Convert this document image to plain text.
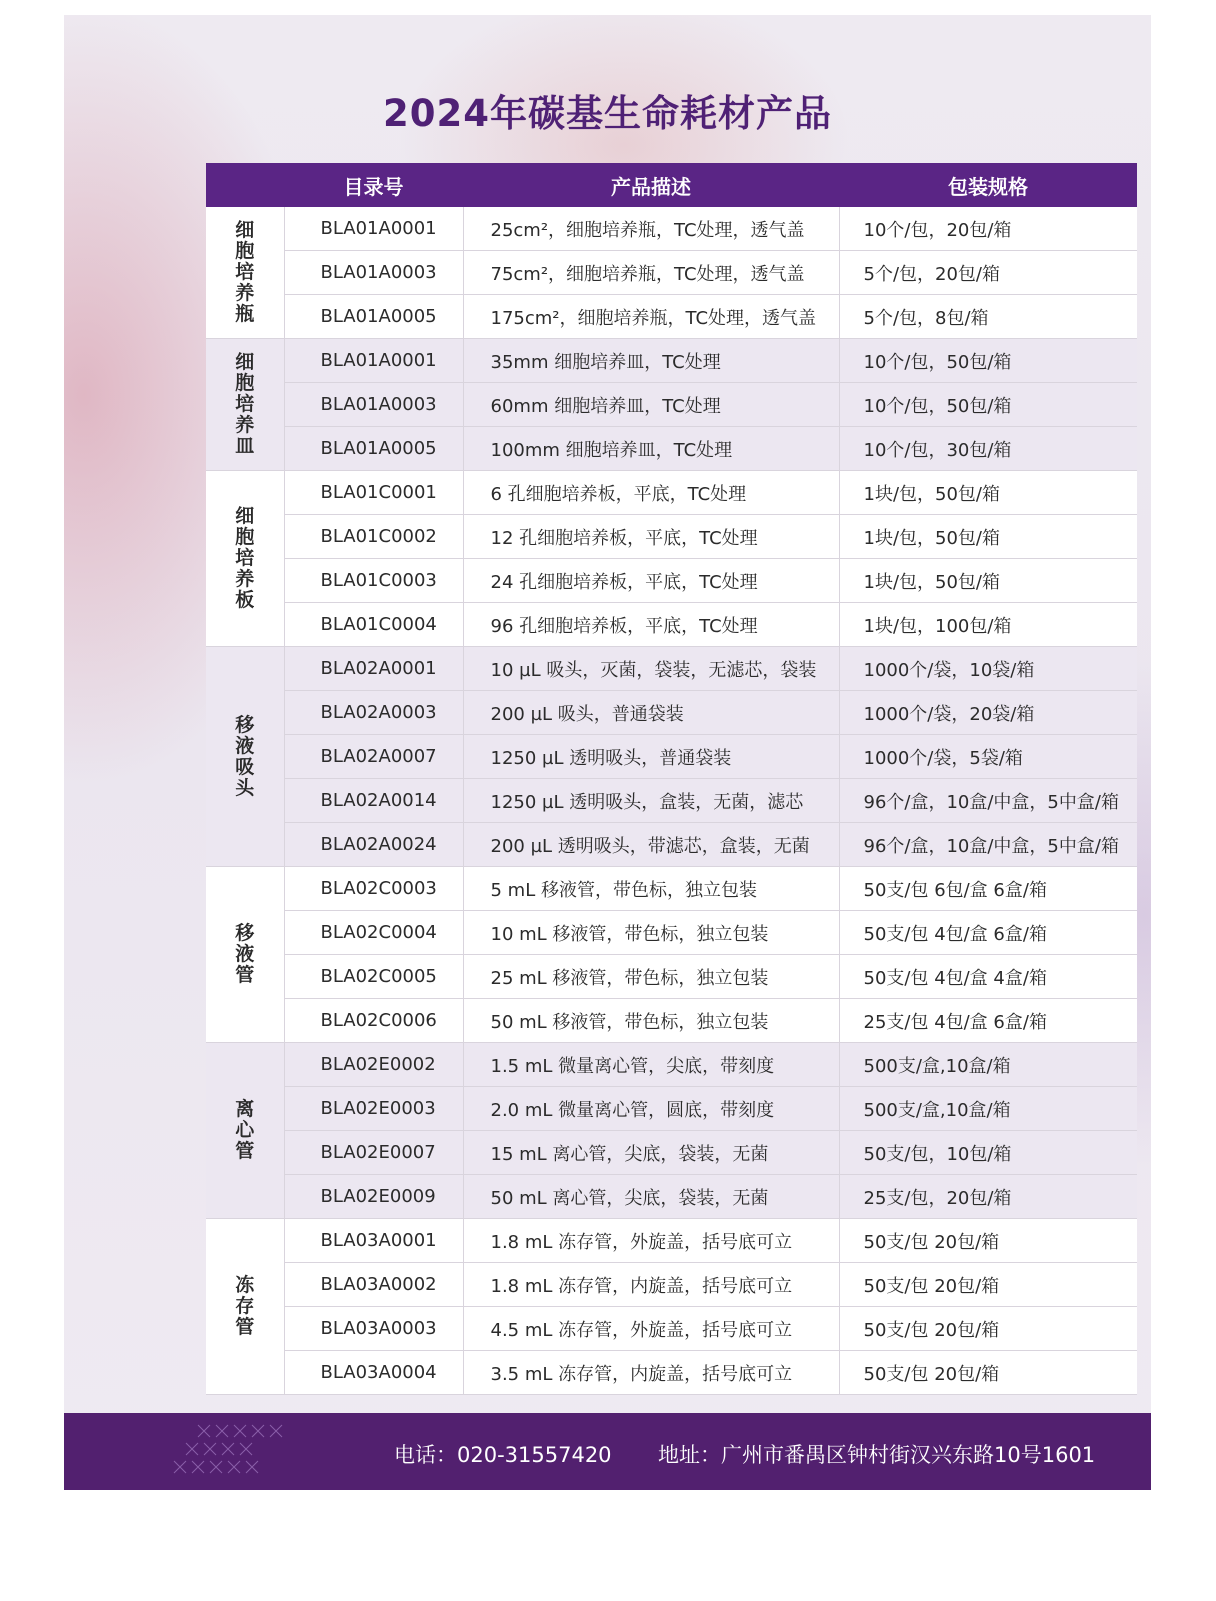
2024年碳基生命耗材产品
	目录号	产品描述	包装规格
细胞培养瓶	BLA01A0001	25cm²，细胞培养瓶，TC处理，透气盖	10个/包，20包/箱
	BLA01A0003	75cm²，细胞培养瓶，TC处理，透气盖	5个/包，20包/箱
	BLA01A0005	175cm²，细胞培养瓶，TC处理，透气盖	5个/包，8包/箱
细胞培养皿	BLA01A0001	35mm 细胞培养皿，TC处理	10个/包，50包/箱
	BLA01A0003	60mm 细胞培养皿，TC处理	10个/包，50包/箱
	BLA01A0005	100mm 细胞培养皿，TC处理	10个/包，30包/箱
细胞培养板	BLA01C0001	6 孔细胞培养板，平底，TC处理	1块/包，50包/箱
	BLA01C0002	12 孔细胞培养板，平底，TC处理	1块/包，50包/箱
	BLA01C0003	24 孔细胞培养板，平底，TC处理	1块/包，50包/箱
	BLA01C0004	96 孔细胞培养板，平底，TC处理	1块/包，100包/箱
移液吸头	BLA02A0001	10 µL 吸头，灭菌，袋装，无滤芯，袋装	1000个/袋，10袋/箱
	BLA02A0003	200 µL 吸头，普通袋装	1000个/袋，20袋/箱
	BLA02A0007	1250 µL 透明吸头，普通袋装	1000个/袋，5袋/箱
	BLA02A0014	1250 µL 透明吸头，盒装，无菌，滤芯	96个/盒，10盒/中盒，5中盒/箱
	BLA02A0024	200 µL 透明吸头，带滤芯，盒装，无菌	96个/盒，10盒/中盒，5中盒/箱
移液管	BLA02C0003	5 mL 移液管，带色标，独立包装	50支/包 6包/盒 6盒/箱
	BLA02C0004	10 mL 移液管，带色标，独立包装	50支/包 4包/盒 6盒/箱
	BLA02C0005	25 mL 移液管，带色标，独立包装	50支/包 4包/盒 4盒/箱
	BLA02C0006	50 mL 移液管，带色标，独立包装	25支/包 4包/盒 6盒/箱
离心管	BLA02E0002	1.5 mL 微量离心管，尖底，带刻度	500支/盒,10盒/箱
	BLA02E0003	2.0 mL 微量离心管，圆底，带刻度	500支/盒,10盒/箱
	BLA02E0007	15 mL 离心管，尖底，袋装，无菌	50支/包，10包/箱
	BLA02E0009	50 mL 离心管，尖底，袋装，无菌	25支/包，20包/箱
冻存管	BLA03A0001	1.8 mL 冻存管，外旋盖，括号底可立	50支/包 20包/箱
	BLA03A0002	1.8 mL 冻存管，内旋盖，括号底可立	50支/包 20包/箱
	BLA03A0003	4.5 mL 冻存管，外旋盖，括号底可立	50支/包 20包/箱
	BLA03A0004	3.5 mL 冻存管，内旋盖，括号底可立	50支/包 20包/箱
电话：020-31557420 地址：广州市番禺区钟村街汉兴东路10号1601
